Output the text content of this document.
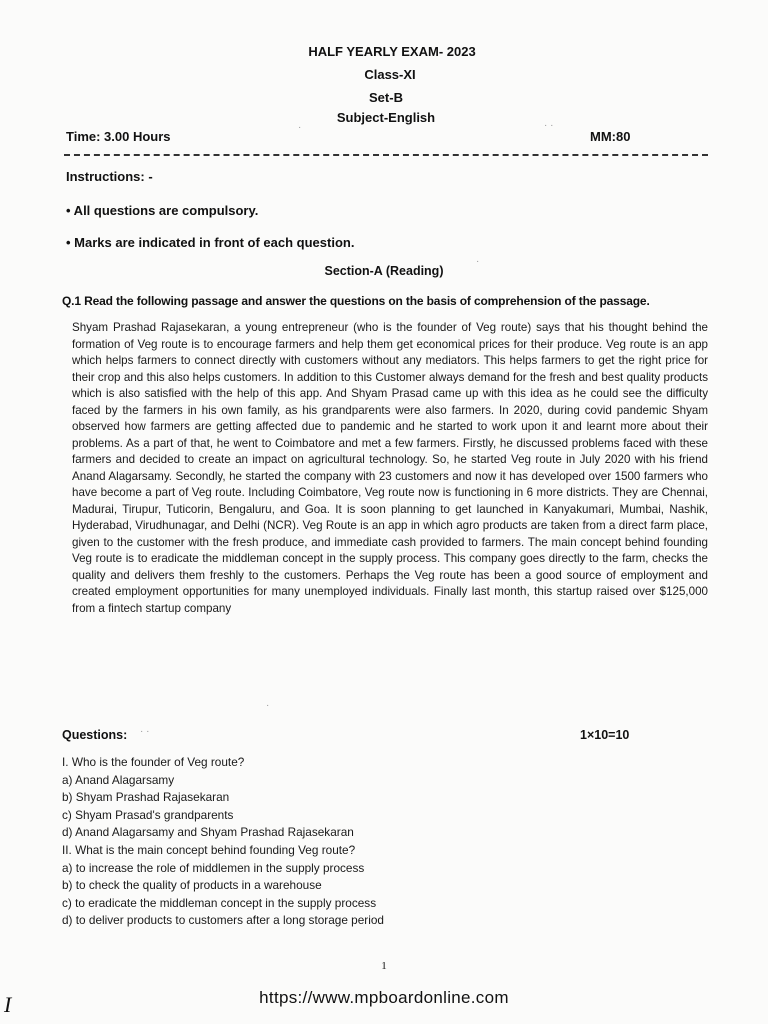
HALF YEARLY EXAM- 2023
Class-XI
Set-B
Subject-English
Time: 3.00 Hours	MM:80
Instructions: -
• All questions are compulsory.
• Marks are indicated in front of each question.
Section-A (Reading)
Q.1 Read the following passage and answer the questions on the basis of comprehension of the passage.
Shyam Prashad Rajasekaran, a young entrepreneur (who is the founder of Veg route) says that his thought behind the formation of Veg route is to encourage farmers and help them get economical prices for their produce. Veg route is an app which helps farmers to connect directly with customers without any mediators. This helps farmers to get the right price for their crop and this also helps customers. In addition to this Customer always demand for the fresh and best quality products which is also satisfied with the help of this app. And Shyam Prasad came up with this idea as he could see the difficulty faced by the farmers in his own family, as his grandparents were also farmers. In 2020, during covid pandemic Shyam observed how farmers are getting affected due to pandemic and he started to work upon it and learnt more about their problems. As a part of that, he went to Coimbatore and met a few farmers. Firstly, he discussed problems faced with these farmers and decided to create an impact on agricultural technology. So, he started Veg route in July 2020 with his friend Anand Alagarsamy. Secondly, he started the company with 23 customers and now it has developed over 1500 farmers who have become a part of Veg route. Including Coimbatore, Veg route now is functioning in 6 more districts. They are Chennai, Madurai, Tirupur, Tuticorin, Bengaluru, and Goa. It is soon planning to get launched in Kanyakumari, Mumbai, Nashik, Hyderabad, Virudhunagar, and Delhi (NCR). Veg Route is an app in which agro products are taken from a direct farm place, given to the customer with the fresh produce, and immediate cash provided to farmers. The main concept behind founding Veg route is to eradicate the middleman concept in the supply process. This company goes directly to the farm, checks the quality and delivers them freshly to the customers. Perhaps the Veg route has been a good source of employment and created employment opportunities for many unemployed individuals. Finally last month, this startup raised over $125,000 from a fintech startup company
Questions:	1×10=10
I. Who is the founder of Veg route?
a) Anand Alagarsamy
b) Shyam Prashad Rajasekaran
c) Shyam Prasad's grandparents
d) Anand Alagarsamy and Shyam Prashad Rajasekaran
II. What is the main concept behind founding Veg route?
a) to increase the role of middlemen in the supply process
b) to check the quality of products in a warehouse
c) to eradicate the middleman concept in the supply process
d) to deliver products to customers after a long storage period
1
I	https://www.mpboardonline.com
·	· ·
·
· ·
·
